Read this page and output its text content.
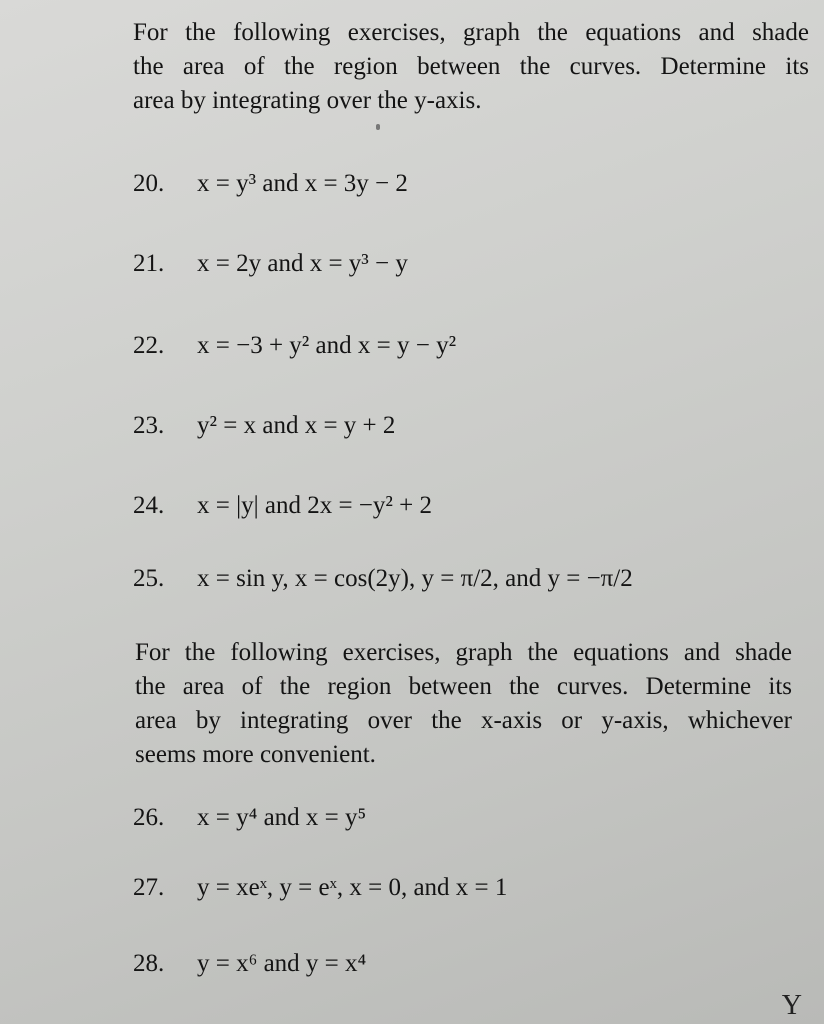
For the following exercises, graph the equations and shade
the area of the region between the curves. Determine its
area by integrating over the y-axis.
20. x = y³ and x = 3y − 2
21. x = 2y and x = y³ − y
22. x = −3 + y² and x = y − y²
23. y² = x and x = y + 2
24. x = |y| and 2x = −y² + 2
25. x = sin y, x = cos(2y), y = π/2, and y = −π/2
For the following exercises, graph the equations and shade
the area of the region between the curves. Determine its
area by integrating over the x-axis or y-axis, whichever
seems more convenient.
26. x = y⁴ and x = y⁵
27. y = xeˣ, y = eˣ, x = 0, and x = 1
28. y = x⁶ and y = x⁴
Y
